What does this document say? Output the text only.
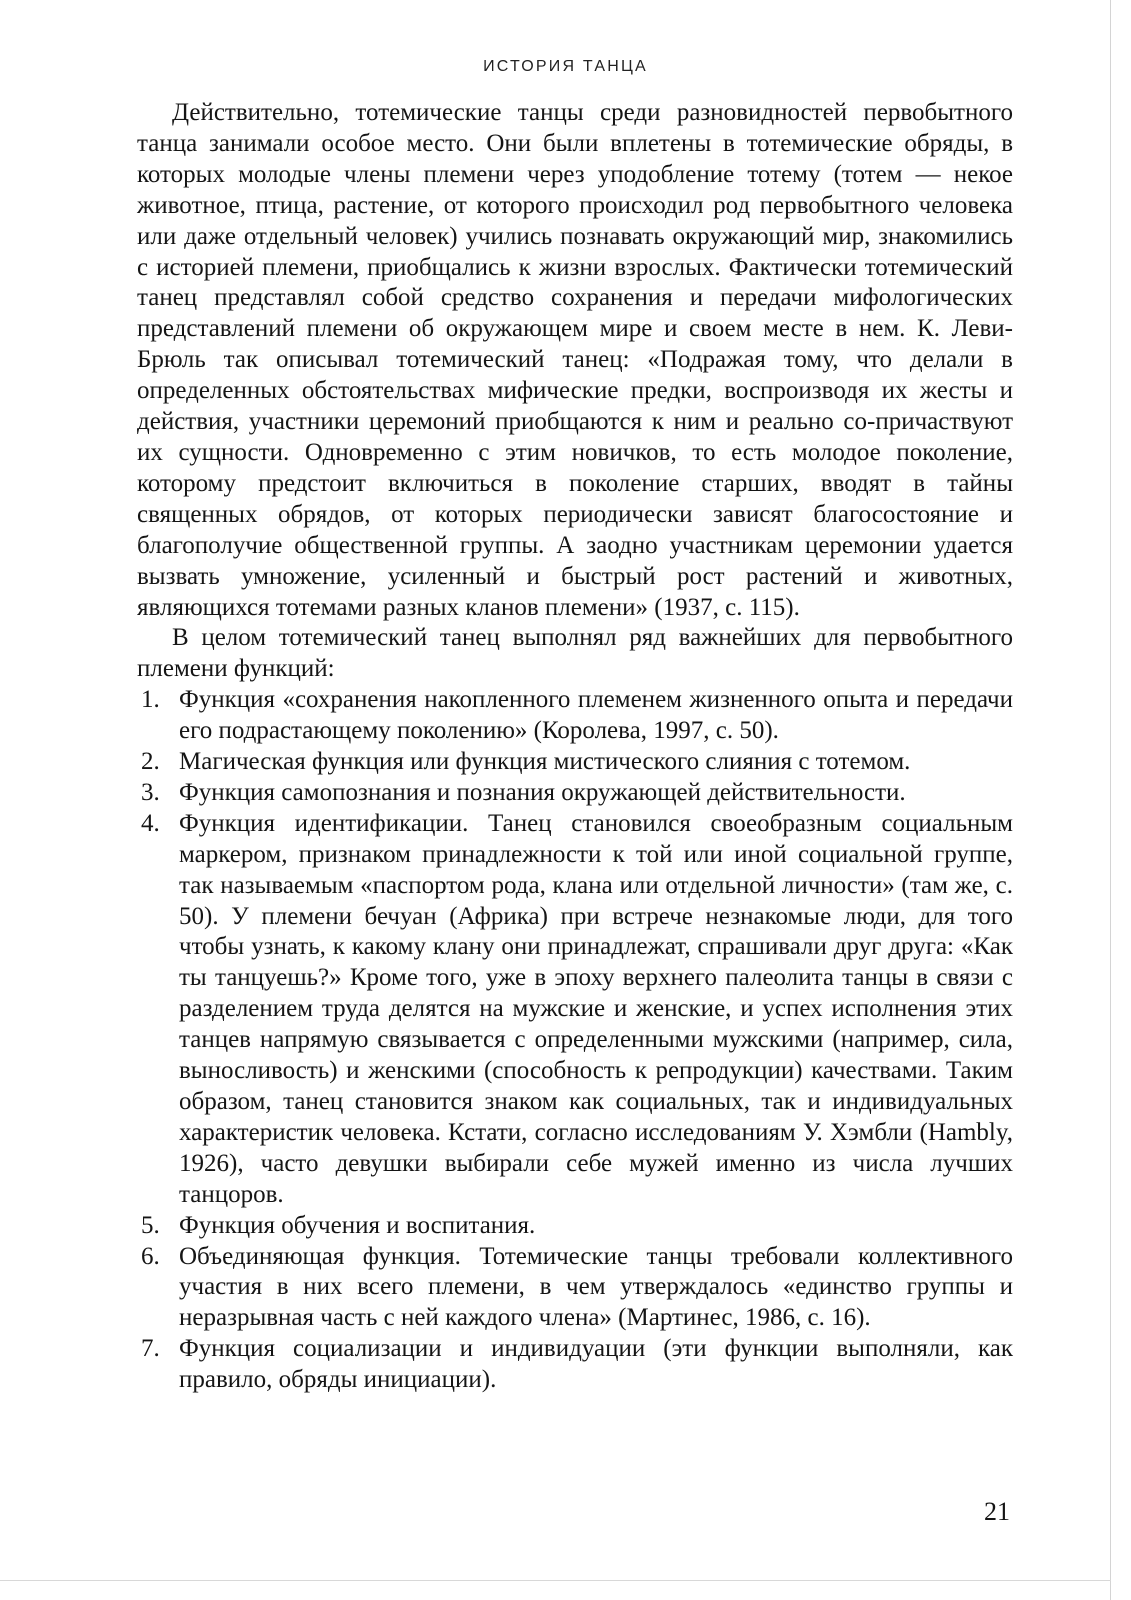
ИСТОРИЯ ТАНЦА

Действительно, тотемические танцы среди разновидностей первобытного танца занимали особое место. Они были вплетены в тотемические обряды, в которых молодые члены племени через уподобление тотему (тотем — некое животное, птица, растение, от которого происходил род первобытного человека или даже отдельный человек) учились познавать окружающий мир, знакомились с историей племени, приобщались к жизни взрослых. Фактически тотемический танец представлял собой средство сохранения и передачи мифологических представлений племени об окружающем мире и своем месте в нем. К. Леви-Брюль так описывал тотемический танец: «Подражая тому, что делали в определенных обстоятельствах мифические предки, воспроизводя их жесты и действия, участники церемоний приобщаются к ним и реально со-причаствуют их сущности. Одновременно с этим новичков, то есть молодое поколение, которому предстоит включиться в поколение старших, вводят в тайны священных обрядов, от которых периодически зависят благосостояние и благополучие общественной группы. А заодно участникам церемонии удается вызвать умножение, усиленный и быстрый рост растений и животных, являющихся тотемами разных кланов племени» (1937, с. 115).

В целом тотемический танец выполнял ряд важнейших для первобытного племени функций:

1. Функция «сохранения накопленного племенем жизненного опыта и передачи его подрастающему поколению» (Королева, 1997, с. 50).
2. Магическая функция или функция мистического слияния с тотемом.
3. Функция самопознания и познания окружающей действительности.
4. Функция идентификации. Танец становился своеобразным социальным маркером, признаком принадлежности к той или иной социальной группе, так называемым «паспортом рода, клана или отдельной личности» (там же, с. 50). У племени бечуан (Африка) при встрече незнакомые люди, для того чтобы узнать, к какому клану они принадлежат, спрашивали друг друга: «Как ты танцуешь?» Кроме того, уже в эпоху верхнего палеолита танцы в связи с разделением труда делятся на мужские и женские, и успех исполнения этих танцев напрямую связывается с определенными мужскими (например, сила, выносливость) и женскими (способность к репродукции) качествами. Таким образом, танец становится знаком как социальных, так и индивидуальных характеристик человека. Кстати, согласно исследованиям У. Хэмбли (Hambly, 1926), часто девушки выбирали себе мужей именно из числа лучших танцоров.
5. Функция обучения и воспитания.
6. Объединяющая функция. Тотемические танцы требовали коллективного участия в них всего племени, в чем утверждалось «единство группы и неразрывная часть с ней каждого члена» (Мартинес, 1986, с. 16).
7. Функция социализации и индивидуации (эти функции выполняли, как правило, обряды инициации).
21
